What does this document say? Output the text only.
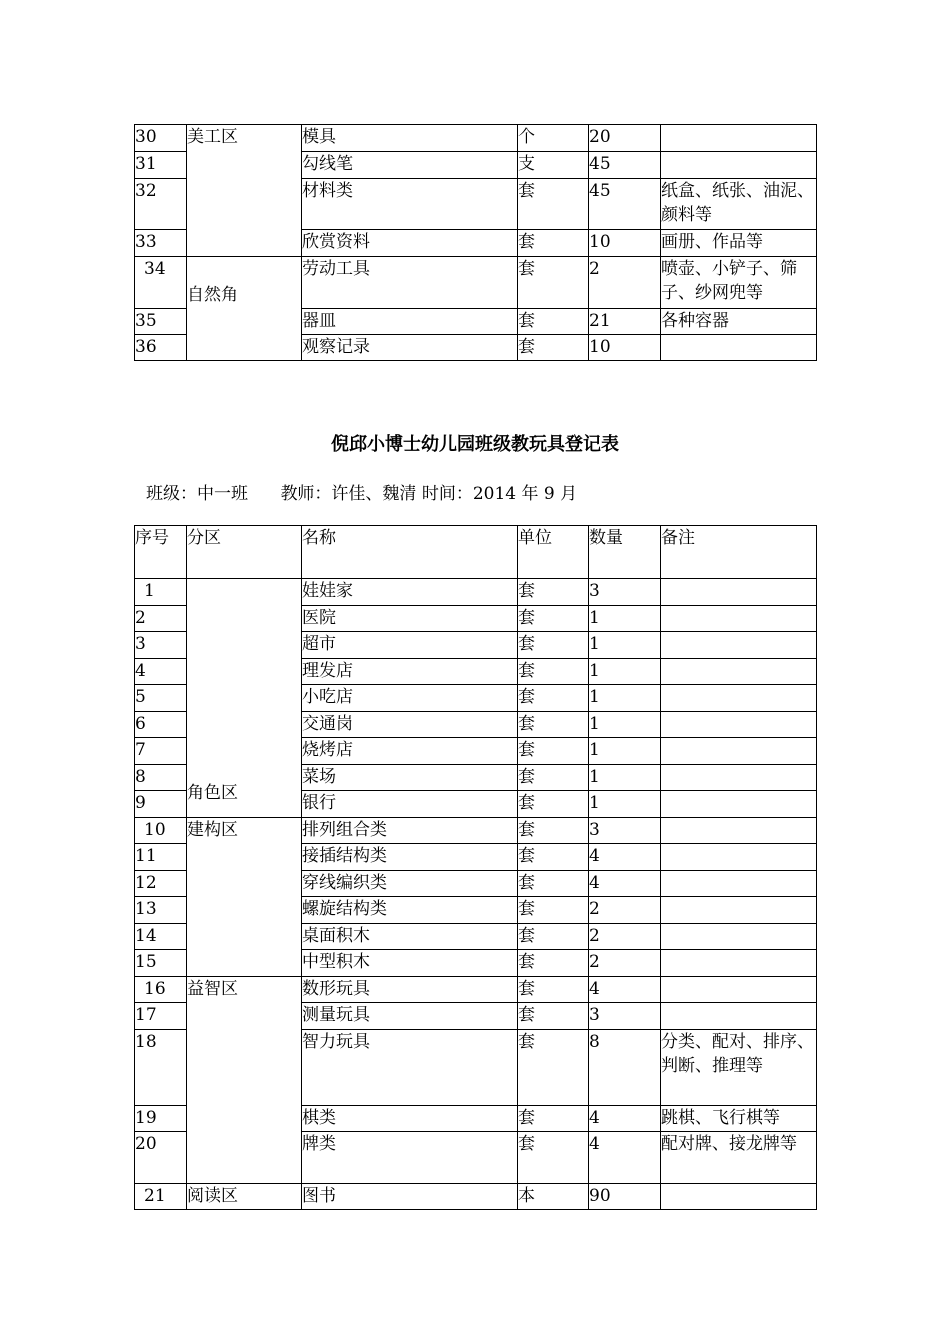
30	美工区	模具	个	20	
31		勾线笔	支	45	
32		材料类	套	45	纸盒、纸张、油泥、颜料等
33		欣赏资料	套	10	画册、作品等
34	自然角	劳动工具	套	2	喷壶、小铲子、筛子、纱网兜等
35		器皿	套	21	各种容器
36		观察记录	套	10	
倪邱小博士幼儿园班级教玩具登记表
班级：中一班 教师：许佳、魏清 时间：2014 年 9 月
序号	分区	名称	单位	数量	备注
1	角色区	娃娃家	套	3	
2		医院	套	1	
3		超市	套	1	
4		理发店	套	1	
5		小吃店	套	1	
6		交通岗	套	1	
7		烧烤店	套	1	
8		菜场	套	1	
9		银行	套	1	
10	建构区	排列组合类	套	3	
11		接插结构类	套	4	
12		穿线编织类	套	4	
13		螺旋结构类	套	2	
14		桌面积木	套	2	
15		中型积木	套	2	
16	益智区	数形玩具	套	4	
17		测量玩具	套	3	
18		智力玩具	套	8	分类、配对、排序、判断、推理等
19		棋类	套	4	跳棋、飞行棋等
20		牌类	套	4	配对牌、接龙牌等
21	阅读区	图书	本	90	
